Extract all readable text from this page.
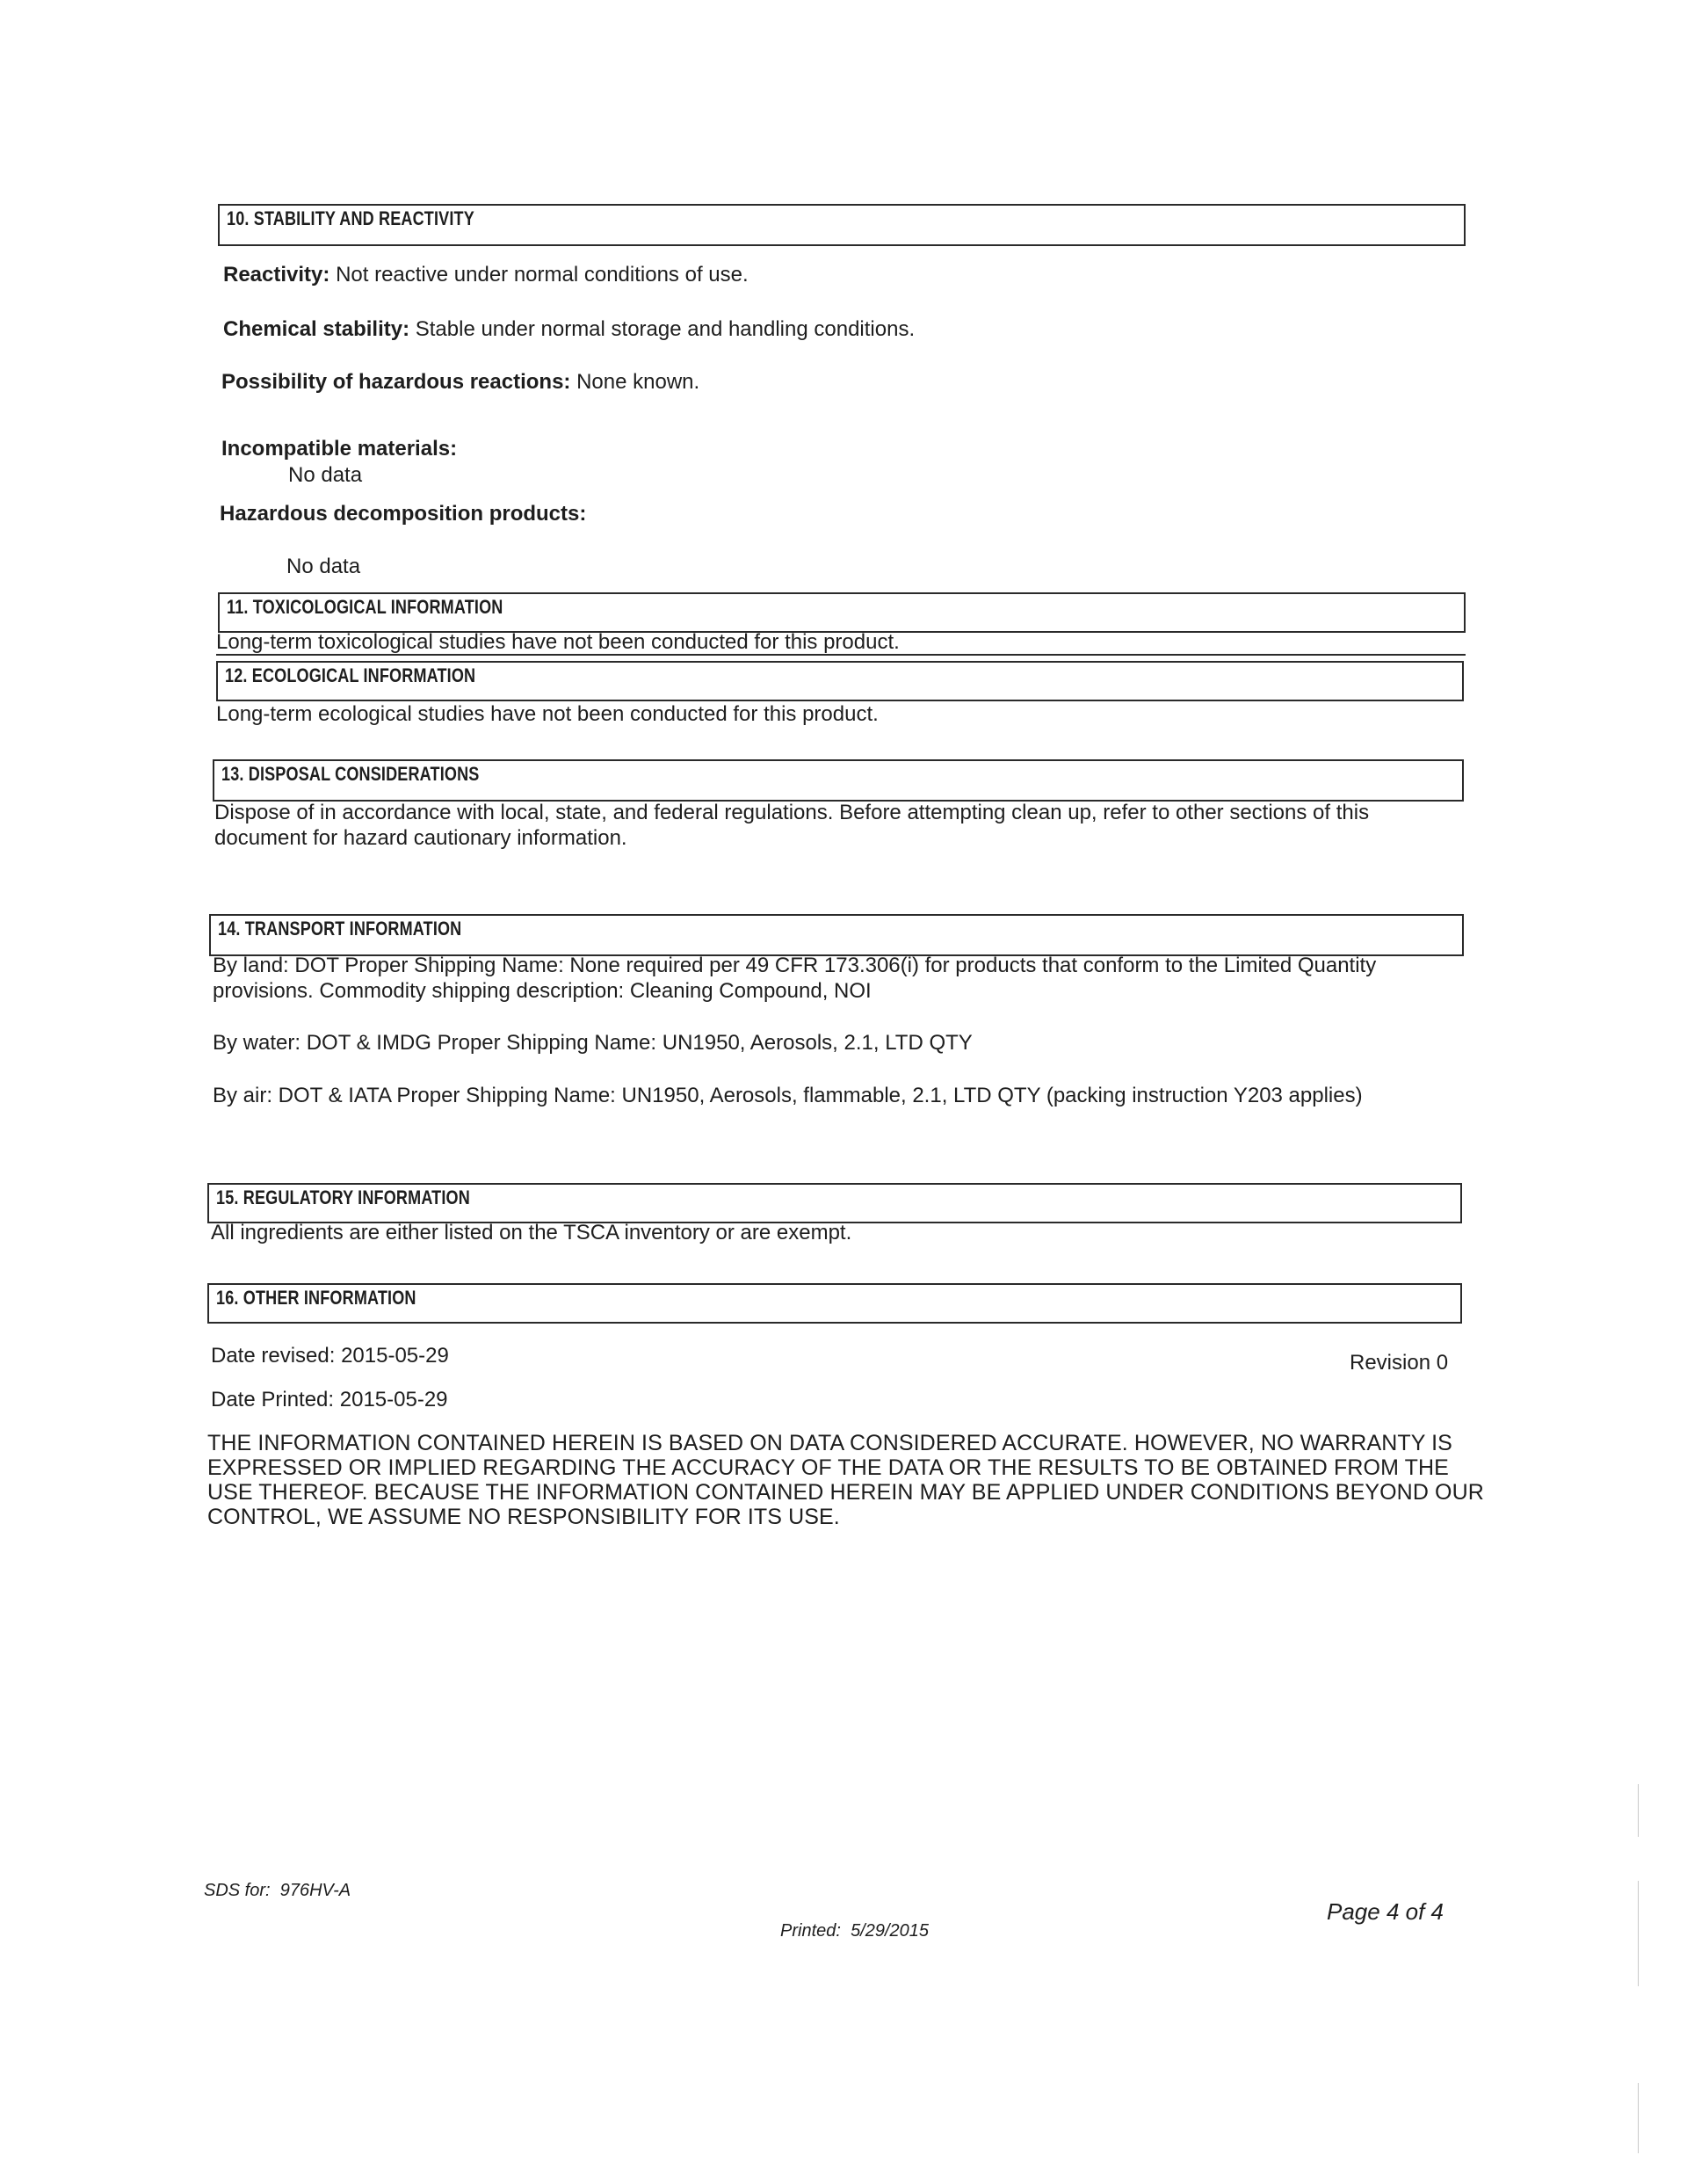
10. STABILITY AND REACTIVITY
Reactivity: Not reactive under normal conditions of use.
Chemical stability: Stable under normal storage and handling conditions.
Possibility of hazardous reactions: None known.
Incompatible materials:
No data
Hazardous decomposition products:
No data
11. TOXICOLOGICAL INFORMATION
Long-term toxicological studies have not been conducted for this product.
12. ECOLOGICAL INFORMATION
Long-term ecological studies have not been conducted for this product.
13. DISPOSAL CONSIDERATIONS
Dispose of in accordance with local, state, and federal regulations. Before attempting clean up, refer to other sections of this document for hazard cautionary information.
14. TRANSPORT INFORMATION
By land: DOT Proper Shipping Name: None required per 49 CFR 173.306(i) for products that conform to the Limited Quantity provisions. Commodity shipping description: Cleaning Compound, NOI
By water: DOT & IMDG Proper Shipping Name: UN1950, Aerosols, 2.1, LTD QTY
By air: DOT & IATA Proper Shipping Name: UN1950, Aerosols, flammable, 2.1, LTD QTY (packing instruction Y203 applies)
15. REGULATORY INFORMATION
All ingredients are either listed on the TSCA inventory or are exempt.
16. OTHER INFORMATION
Date revised: 2015-05-29	Revision 0
Date Printed: 2015-05-29
THE INFORMATION CONTAINED HEREIN IS BASED ON DATA CONSIDERED ACCURATE. HOWEVER, NO WARRANTY IS EXPRESSED OR IMPLIED REGARDING THE ACCURACY OF THE DATA OR THE RESULTS TO BE OBTAINED FROM THE USE THEREOF. BECAUSE THE INFORMATION CONTAINED HEREIN MAY BE APPLIED UNDER CONDITIONS BEYOND OUR CONTROL, WE ASSUME NO RESPONSIBILITY FOR ITS USE.
SDS for: 976HV-A
Page 4 of 4
Printed: 5/29/2015
